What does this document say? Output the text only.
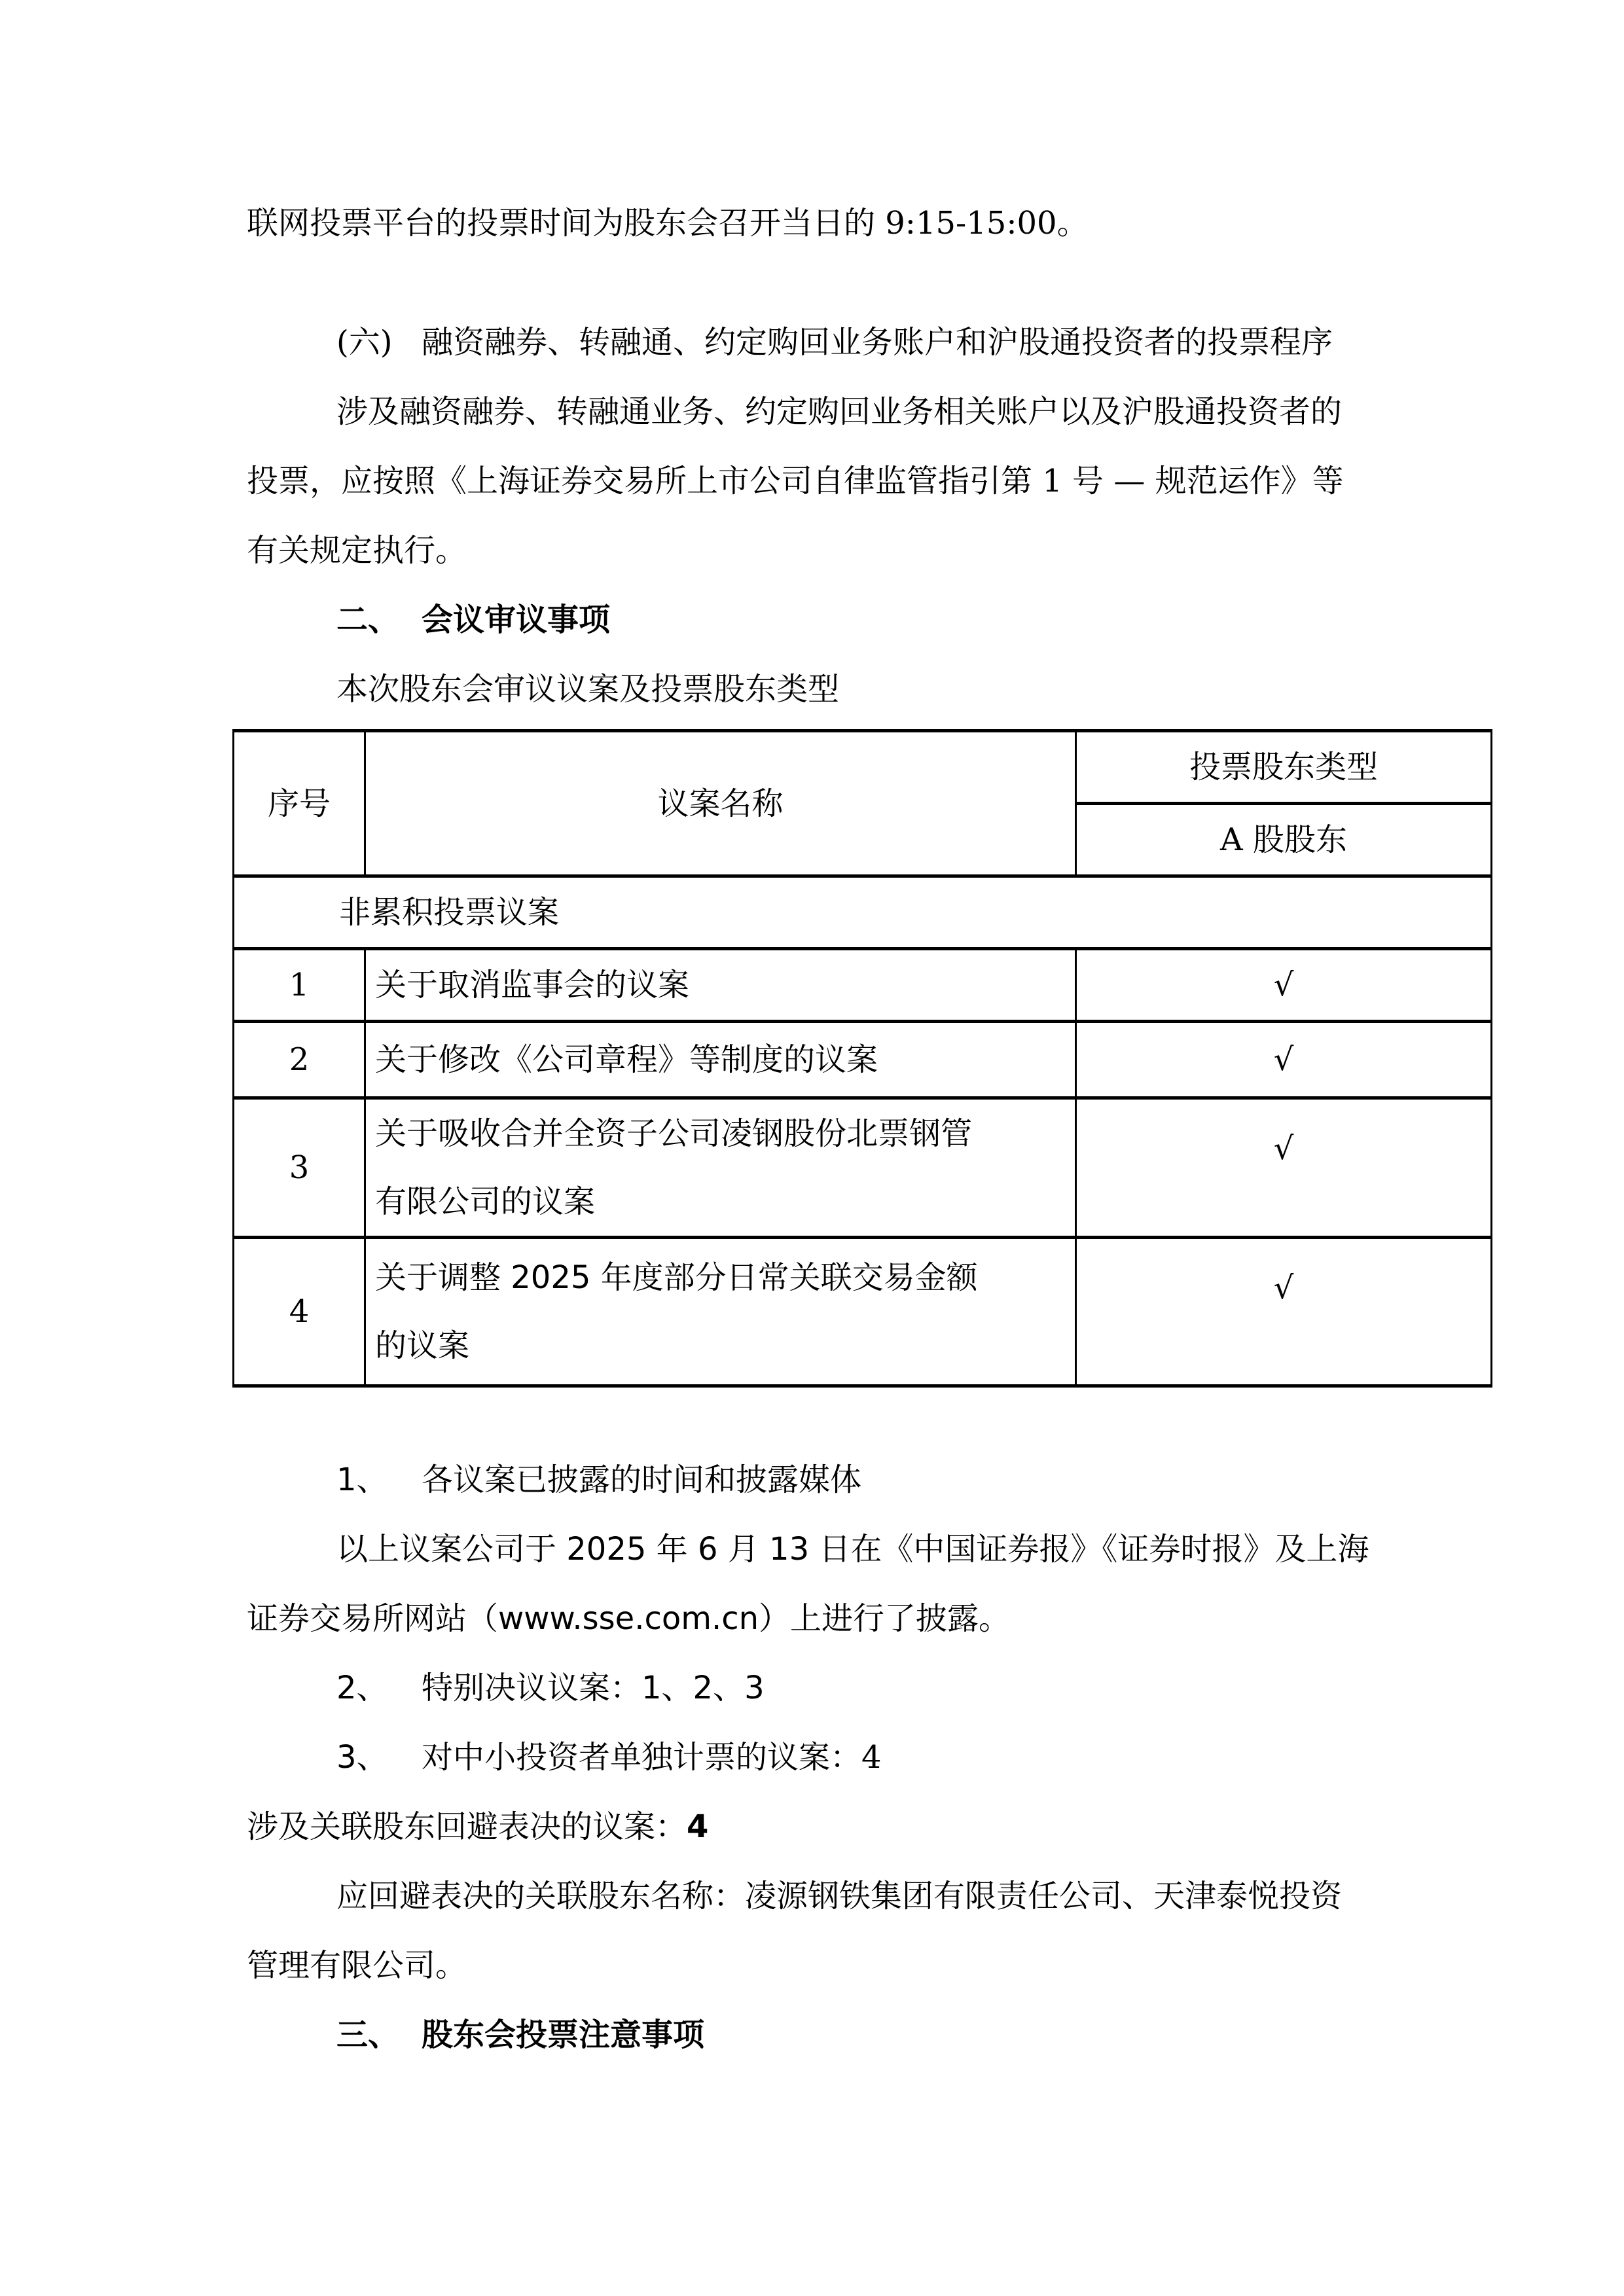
联网投票平台的投票时间为股东会召开当日的 9:15-15:00。
(六) 融资融券、转融通、约定购回业务账户和沪股通投资者的投票程序
涉及融资融券、转融通业务、约定购回业务相关账户以及沪股通投资者的
投票，应按照《上海证券交易所上市公司自律监管指引第 1 号 — 规范运作》等
有关规定执行。
二、 会议审议事项
本次股东会审议议案及投票股东类型
序号	议案名称	投票股东类型
		A 股股东
非累积投票议案		
1	关于取消监事会的议案	√
2	关于修改《公司章程》等制度的议案	√
3	关于吸收合并全资子公司凌钢股份北票钢管有限公司的议案	√
4	关于调整 2025 年度部分日常关联交易金额的议案	√
1、 各议案已披露的时间和披露媒体
以上议案公司于 2025 年 6 月 13 日在《中国证券报》《证券时报》及上海
证券交易所网站（www.sse.com.cn）上进行了披露。
2、 特别决议议案：1、2、3
3、 对中小投资者单独计票的议案：4
涉及关联股东回避表决的议案：4
应回避表决的关联股东名称：凌源钢铁集团有限责任公司、天津泰悦投资
管理有限公司。
三、 股东会投票注意事项
